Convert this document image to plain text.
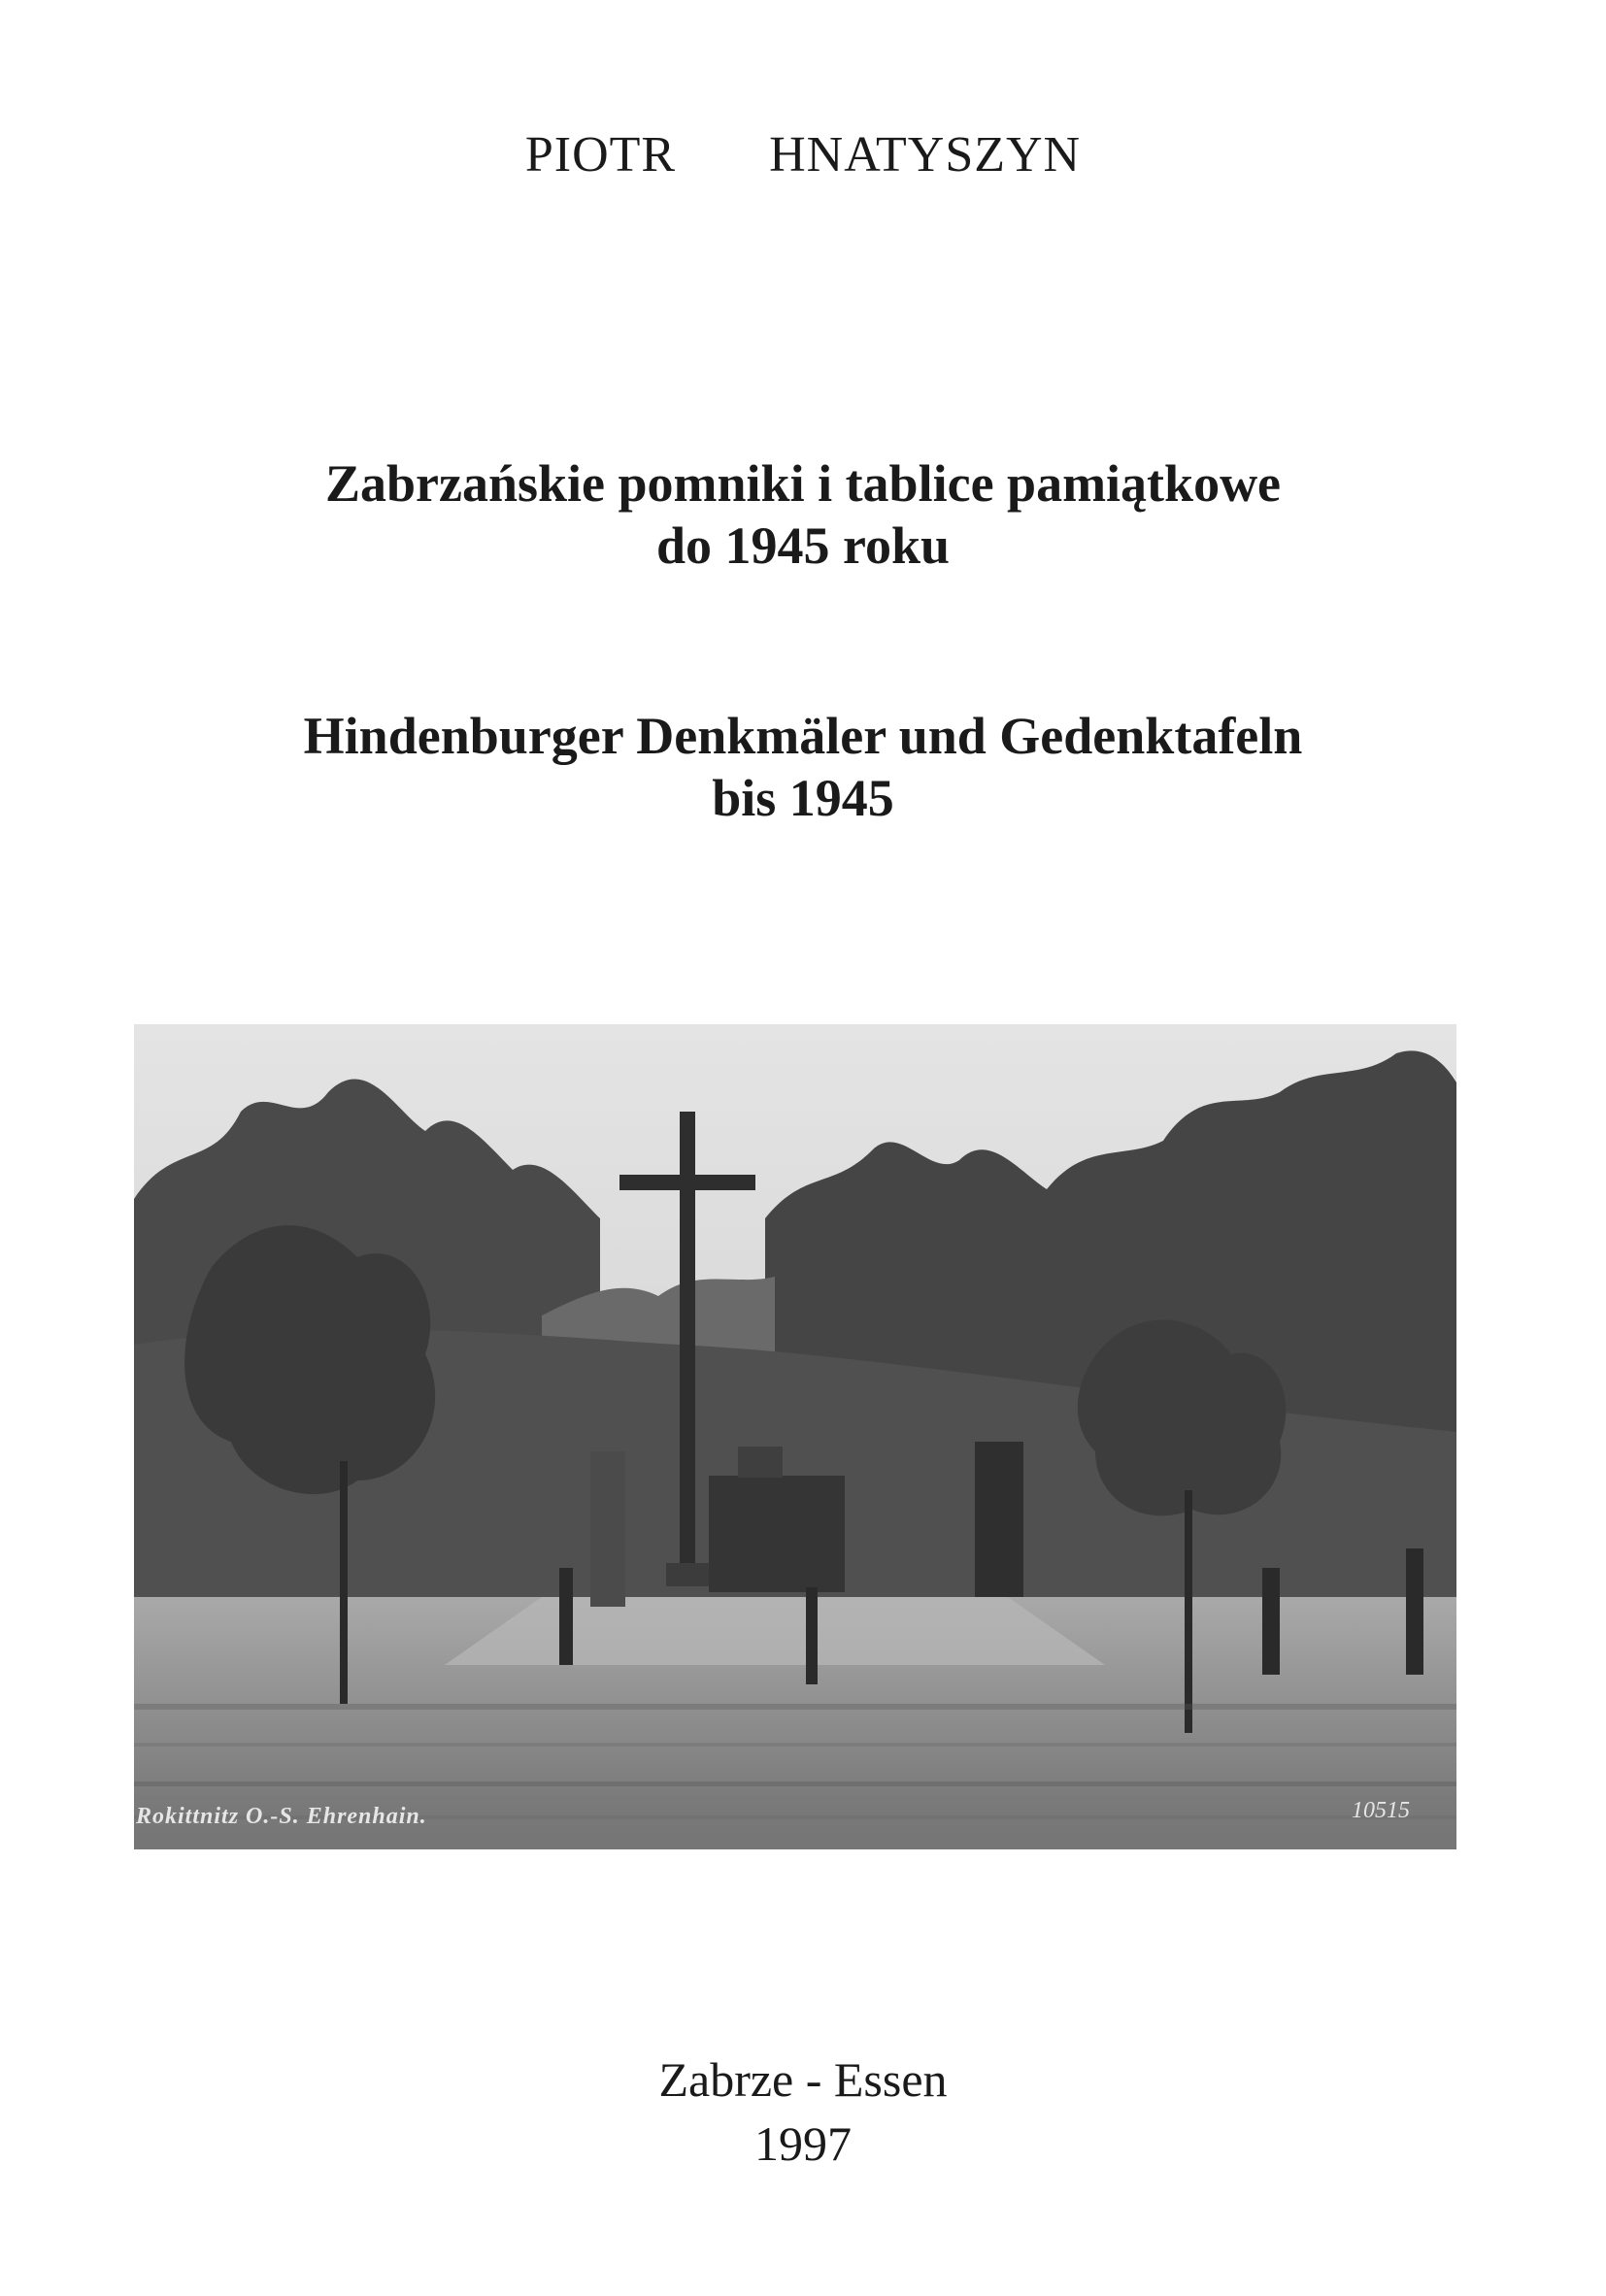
PIOTR   HNATYSZYN
Zabrzańskie pomniki i tablice pamiątkowe
do 1945 roku
Hindenburger Denkmäler und Gedenktafeln
bis 1945
Rokittnitz O.-S. Ehrenhain.	10515
Zabrze - Essen
1997
